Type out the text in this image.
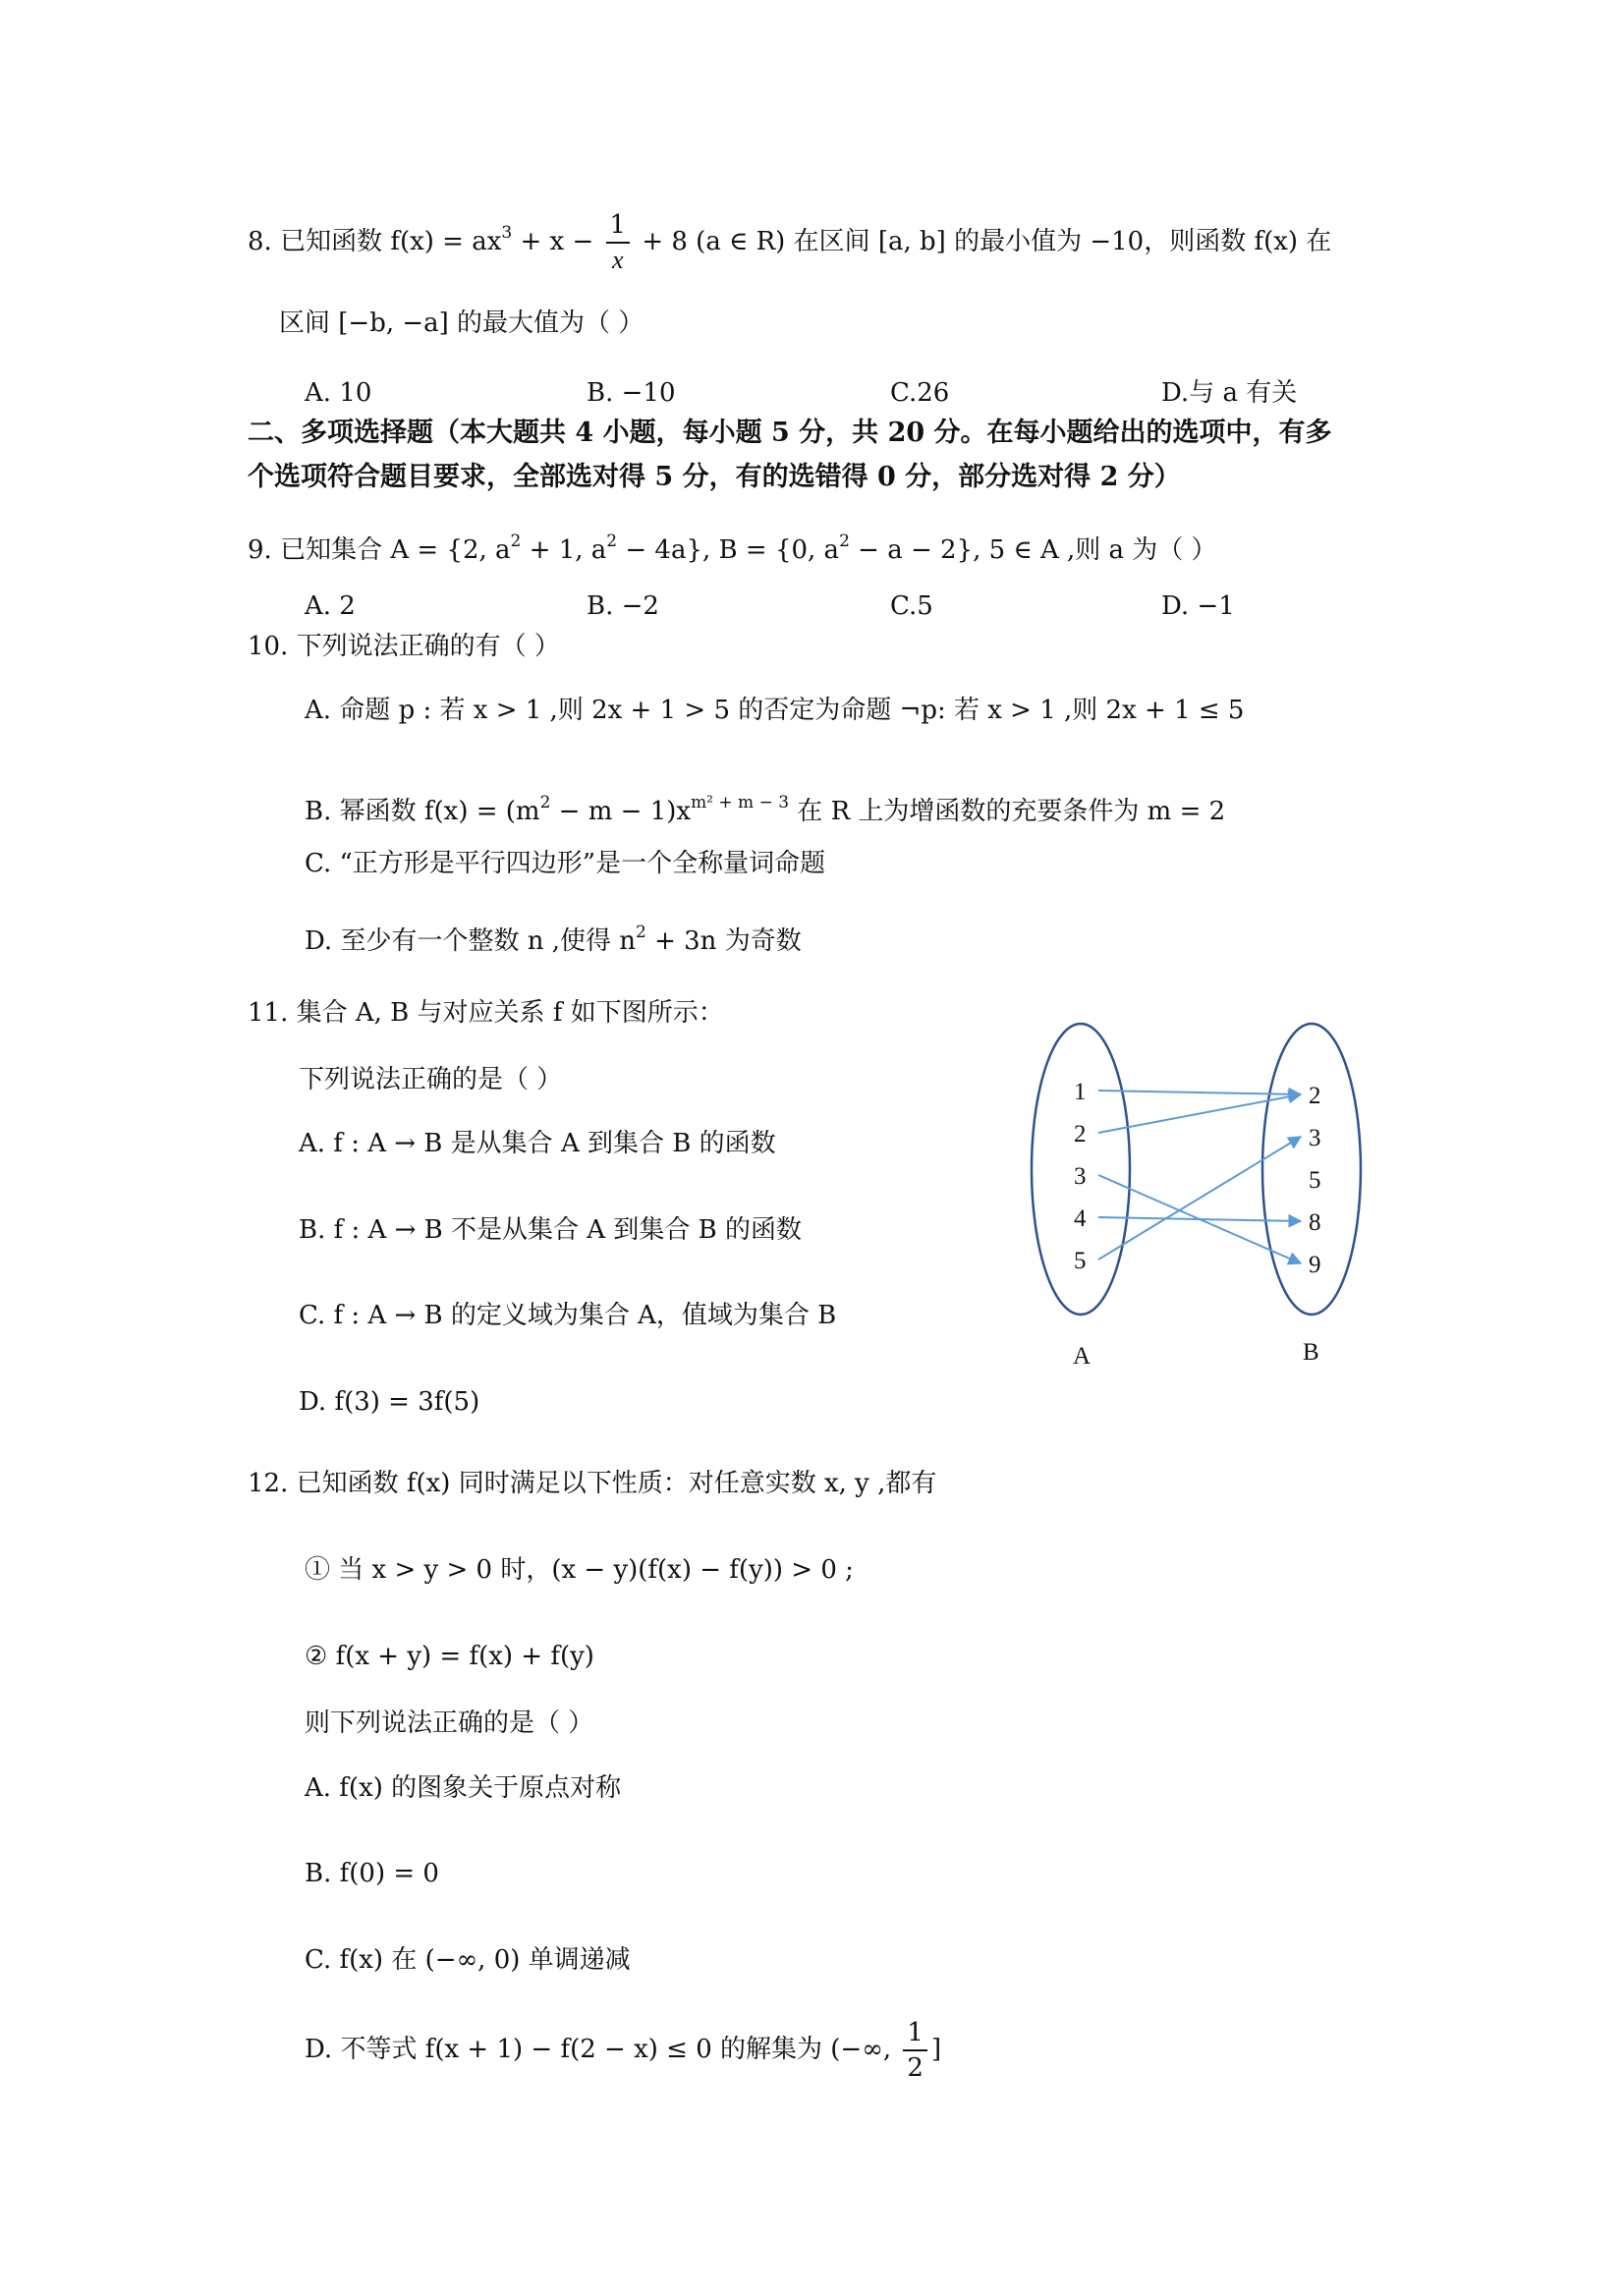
8. 已知函数 $f(x) = ax^3 + x - \frac{1}{x} + 8$ (a ∈ R) 在区间 [a, b] 的最小值为 −10，则函数 f(x) 在
区间 [−b, −a] 的最大值为（ ）
A. 10	B. −10	C.26	D.与 a 有关
二、多项选择题（本大题共 4 小题，每小题 5 分，共 20 分。在每小题给出的选项中，有多
个选项符合题目要求，全部选对得 5 分，有的选错得 0 分，部分选对得 2 分）
9. 已知集合 A = {2, $a^2 + 1$, $a^2 - 4a$}, B = {0, $a^2 - a - 2$}, 5 ∈ A ,则 a 为（ ）
A. 2	B. −2	C.5	D. −1
10. 下列说法正确的有（ ）
A. 命题 p : 若 x > 1 ,则 2x + 1 > 5 的否定为命题 ¬p: 若 x > 1 ,则 2x + 1 ≤ 5
B. 幂函数 $f(x) = (m^2 - m - 1)x^{m^2 + m - 3}$ 在 R 上为增函数的充要条件为 m = 2
C. “正方形是平行四边形”是一个全称量词命题
D. 至少有一个整数 n ,使得 $n^2 + 3n$ 为奇数
11. 集合 A, B 与对应关系 f 如下图所示：
下列说法正确的是（ ）
A. f : A → B 是从集合 A 到集合 B 的函数
B. f : A → B 不是从集合 A 到集合 B 的函数
C. f : A → B 的定义域为集合 A，值域为集合 B
D. f(3) = 3f(5)
1
2
3
4
5
2
3
5
8
9
A	B
12. 已知函数 f(x) 同时满足以下性质：对任意实数 x, y ,都有
① 当 x > y > 0 时，(x − y)(f(x) − f(y)) > 0 ;
② f(x + y) = f(x) + f(y)
则下列说法正确的是（ ）
A. f(x) 的图象关于原点对称
B. f(0) = 0
C. f(x) 在 (−∞, 0) 单调递减
D. 不等式 f(x + 1) − f(2 − x) ≤ 0 的解集为 (−∞, $\frac{1}{2}$ ]
